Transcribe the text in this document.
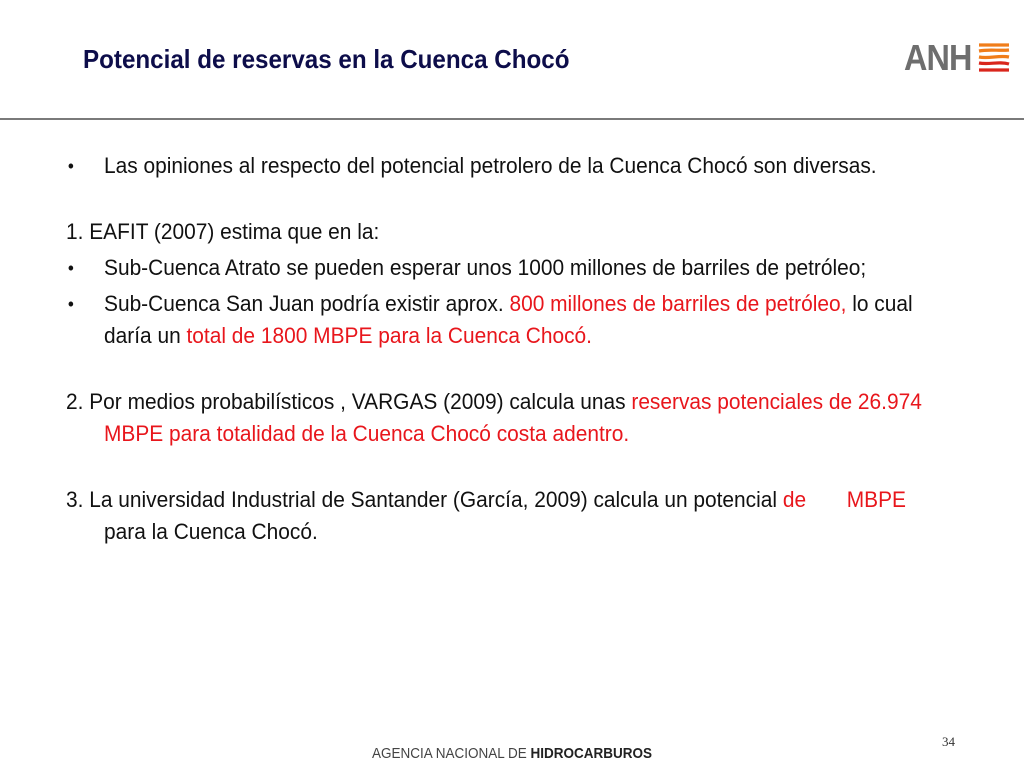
Potencial de reservas en la Cuenca Chocó	ANH

• Las opiniones al respecto del potencial petrolero de la Cuenca Chocó son diversas.

1. EAFIT (2007) estima que en la:

• Sub-Cuenca Atrato se pueden esperar unos 1000 millones de barriles de petróleo;

• Sub-Cuenca San Juan podría existir aprox. 800 millones de barriles de petróleo, lo cual daría un total de 1800 MBPE para la Cuenca Chocó.

2. Por medios probabilísticos , VARGAS (2009) calcula unas reservas potenciales de 26.974 MBPE para totalidad de la Cuenca Chocó costa adentro.

3. La universidad Industrial de Santander (García, 2009) calcula un potencial de       MBPE para la Cuenca Chocó.

34
AGENCIA NACIONAL DE HIDROCARBUROS
